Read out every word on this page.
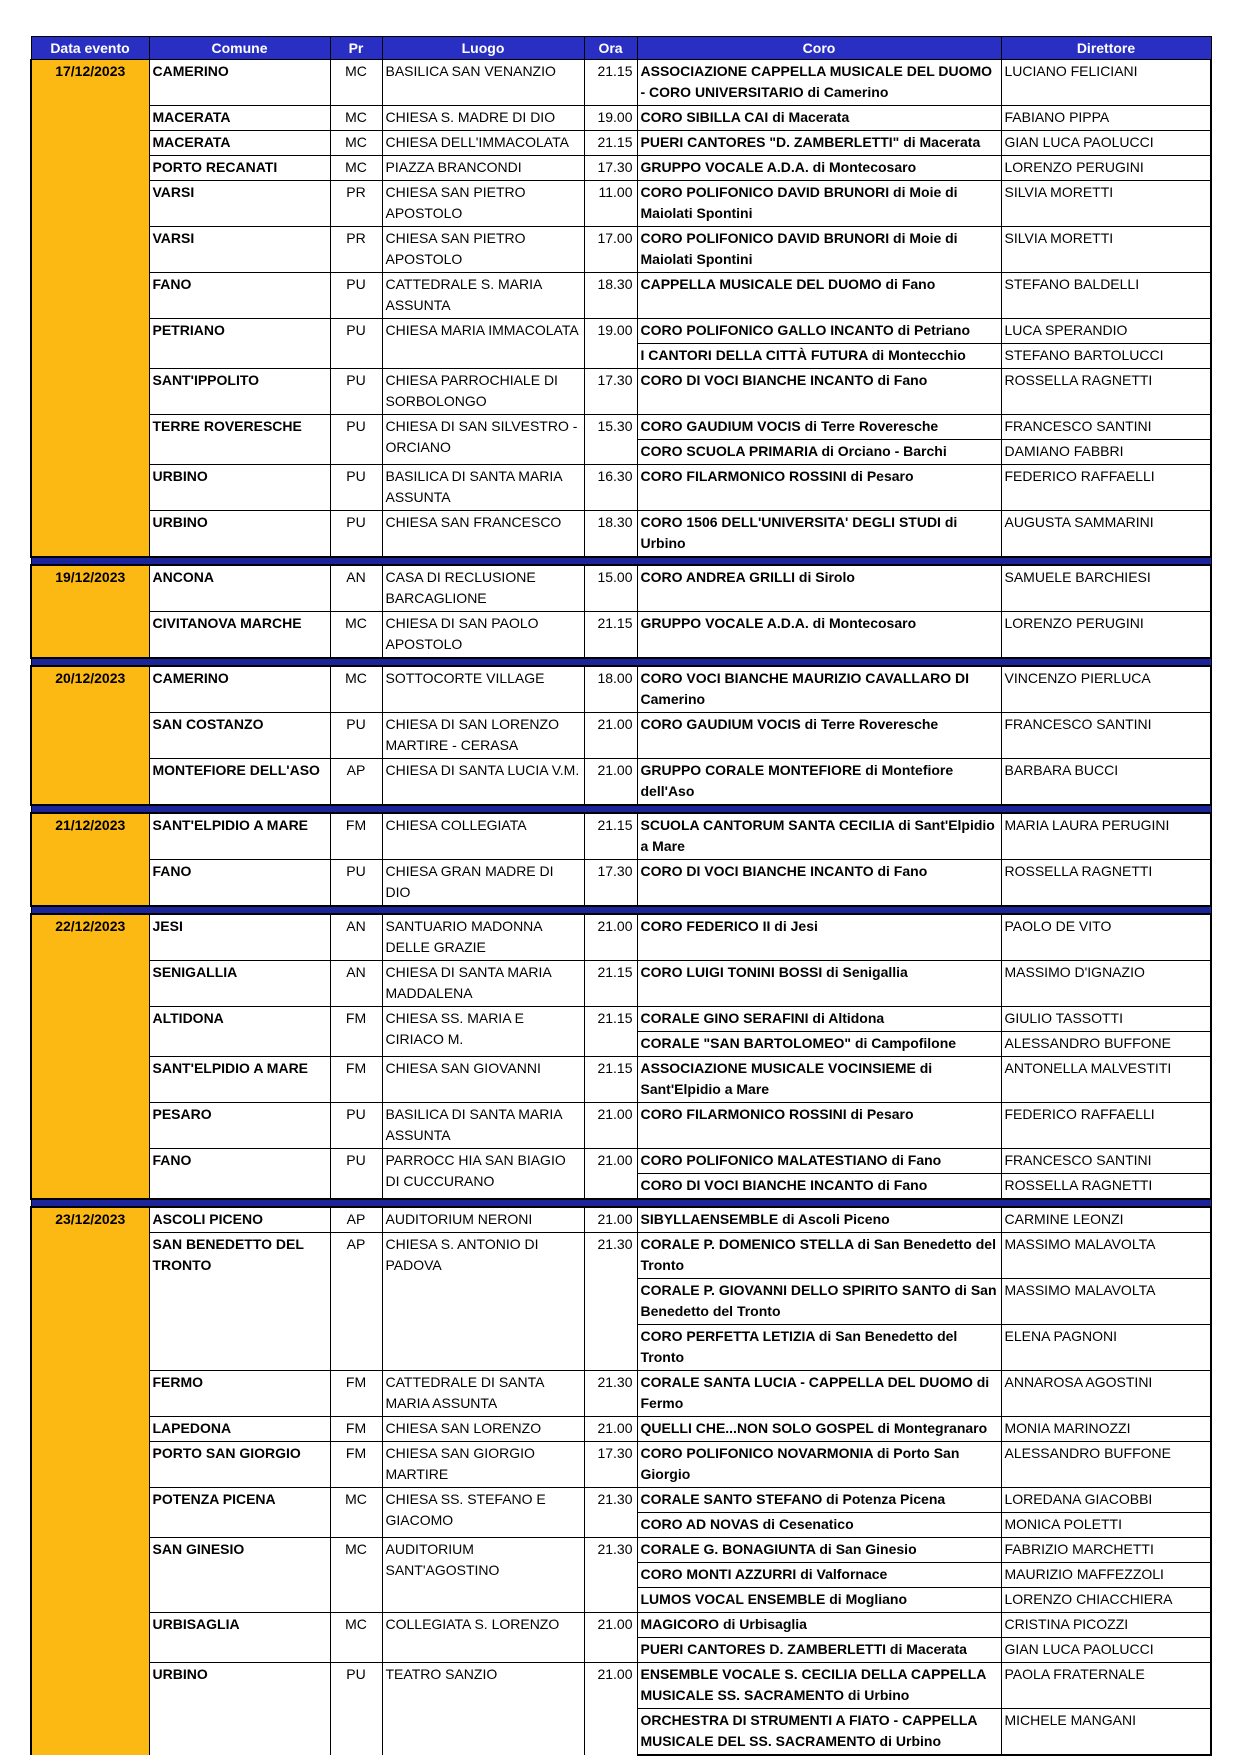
Data evento	Comune	Pr	Luogo	Ora	Coro	Direttore
17/12/2023	CAMERINO	MC	BASILICA SAN VENANZIO	21.15	ASSOCIAZIONE CAPPELLA MUSICALE DEL DUOMO - CORO UNIVERSITARIO di Camerino	LUCIANO FELICIANI
	MACERATA	MC	CHIESA S. MADRE DI DIO	19.00	CORO SIBILLA CAI di Macerata	FABIANO PIPPA
	MACERATA	MC	CHIESA DELL'IMMACOLATA	21.15	PUERI CANTORES "D. ZAMBERLETTI" di Macerata	GIAN LUCA PAOLUCCI
	PORTO RECANATI	MC	PIAZZA BRANCONDI	17.30	GRUPPO VOCALE A.D.A. di Montecosaro	LORENZO PERUGINI
	VARSI	PR	CHIESA SAN PIETRO APOSTOLO	11.00	CORO POLIFONICO DAVID BRUNORI di Moie di Maiolati Spontini	SILVIA MORETTI
	VARSI	PR	CHIESA SAN PIETRO APOSTOLO	17.00	CORO POLIFONICO DAVID BRUNORI di Moie di Maiolati Spontini	SILVIA MORETTI
	FANO	PU	CATTEDRALE S. MARIA ASSUNTA	18.30	CAPPELLA MUSICALE DEL DUOMO di Fano	STEFANO BALDELLI
	PETRIANO	PU	CHIESA MARIA IMMACOLATA	19.00	CORO POLIFONICO GALLO INCANTO di Petriano	LUCA SPERANDIO
					I CANTORI DELLA CITTÀ FUTURA di Montecchio	STEFANO BARTOLUCCI
	SANT'IPPOLITO	PU	CHIESA PARROCHIALE DI SORBOLONGO	17.30	CORO DI VOCI BIANCHE INCANTO di Fano	ROSSELLA RAGNETTI
	TERRE ROVERESCHE	PU	CHIESA DI SAN SILVESTRO - ORCIANO	15.30	CORO GAUDIUM VOCIS di Terre Roveresche	FRANCESCO SANTINI
					CORO SCUOLA PRIMARIA di Orciano - Barchi	DAMIANO FABBRI
	URBINO	PU	BASILICA DI SANTA MARIA ASSUNTA	16.30	CORO FILARMONICO ROSSINI di Pesaro	FEDERICO RAFFAELLI
	URBINO	PU	CHIESA SAN FRANCESCO	18.30	CORO 1506 DELL'UNIVERSITA' DEGLI STUDI di Urbino	AUGUSTA SAMMARINI

19/12/2023	ANCONA	AN	CASA DI RECLUSIONE BARCAGLIONE	15.00	CORO ANDREA GRILLI di Sirolo	SAMUELE BARCHIESI
	CIVITANOVA MARCHE	MC	CHIESA DI SAN PAOLO APOSTOLO	21.15	GRUPPO VOCALE A.D.A. di Montecosaro	LORENZO PERUGINI

20/12/2023	CAMERINO	MC	SOTTOCORTE VILLAGE	18.00	CORO VOCI BIANCHE MAURIZIO CAVALLARO DI Camerino	VINCENZO PIERLUCA
	SAN COSTANZO	PU	CHIESA DI SAN LORENZO MARTIRE - CERASA	21.00	CORO GAUDIUM VOCIS di Terre Roveresche	FRANCESCO SANTINI
	MONTEFIORE DELL'ASO	AP	CHIESA DI SANTA LUCIA V.M.	21.00	GRUPPO CORALE MONTEFIORE di Montefiore dell'Aso	BARBARA BUCCI

21/12/2023	SANT'ELPIDIO A MARE	FM	CHIESA COLLEGIATA	21.15	SCUOLA CANTORUM SANTA CECILIA di Sant'Elpidio a Mare	MARIA LAURA PERUGINI
	FANO	PU	CHIESA GRAN MADRE DI DIO	17.30	CORO DI VOCI BIANCHE INCANTO di Fano	ROSSELLA RAGNETTI

22/12/2023	JESI	AN	SANTUARIO MADONNA DELLE GRAZIE	21.00	CORO FEDERICO II di Jesi	PAOLO DE VITO
	SENIGALLIA	AN	CHIESA DI SANTA MARIA MADDALENA	21.15	CORO LUIGI TONINI BOSSI di Senigallia	MASSIMO D'IGNAZIO
	ALTIDONA	FM	CHIESA SS. MARIA E CIRIACO M.	21.15	CORALE GINO SERAFINI di Altidona	GIULIO TASSOTTI
					CORALE "SAN BARTOLOMEO" di Campofilone	ALESSANDRO BUFFONE
	SANT'ELPIDIO A MARE	FM	CHIESA SAN GIOVANNI	21.15	ASSOCIAZIONE MUSICALE VOCINSIEME di Sant'Elpidio a Mare	ANTONELLA MALVESTITI
	PESARO	PU	BASILICA DI SANTA MARIA ASSUNTA	21.00	CORO FILARMONICO ROSSINI di Pesaro	FEDERICO RAFFAELLI
	FANO	PU	PARROCC HIA SAN BIAGIO DI CUCCURANO	21.00	CORO POLIFONICO MALATESTIANO di Fano	FRANCESCO SANTINI
					CORO DI VOCI BIANCHE INCANTO di Fano	ROSSELLA RAGNETTI

23/12/2023	ASCOLI PICENO	AP	AUDITORIUM NERONI	21.00	SIBYLLAENSEMBLE di Ascoli Piceno	CARMINE LEONZI
	SAN BENEDETTO DEL TRONTO	AP	CHIESA S. ANTONIO DI PADOVA	21.30	CORALE P. DOMENICO STELLA di San Benedetto del Tronto	MASSIMO MALAVOLTA
					CORALE P. GIOVANNI DELLO SPIRITO SANTO di San Benedetto del Tronto	MASSIMO MALAVOLTA
					CORO PERFETTA LETIZIA di San Benedetto del Tronto	ELENA PAGNONI
	FERMO	FM	CATTEDRALE DI SANTA MARIA ASSUNTA	21.30	CORALE SANTA LUCIA - CAPPELLA DEL DUOMO di Fermo	ANNAROSA AGOSTINI
	LAPEDONA	FM	CHIESA SAN LORENZO	21.00	QUELLI CHE...NON SOLO GOSPEL di Montegranaro	MONIA MARINOZZI
	PORTO SAN GIORGIO	FM	CHIESA SAN GIORGIO MARTIRE	17.30	CORO POLIFONICO NOVARMONIA di Porto San Giorgio	ALESSANDRO BUFFONE
	POTENZA PICENA	MC	CHIESA SS. STEFANO E GIACOMO	21.30	CORALE SANTO STEFANO di Potenza Picena	LOREDANA GIACOBBI
					CORO AD NOVAS di Cesenatico	MONICA POLETTI
	SAN GINESIO	MC	AUDITORIUM SANT'AGOSTINO	21.30	CORALE G. BONAGIUNTA di San Ginesio	FABRIZIO MARCHETTI
					CORO MONTI AZZURRI di Valfornace	MAURIZIO MAFFEZZOLI
					LUMOS VOCAL ENSEMBLE di Mogliano	LORENZO CHIACCHIERA
	URBISAGLIA	MC	COLLEGIATA S. LORENZO	21.00	MAGICORO di Urbisaglia	CRISTINA PICOZZI
					PUERI CANTORES D. ZAMBERLETTI di Macerata	GIAN LUCA PAOLUCCI
	URBINO	PU	TEATRO SANZIO	21.00	ENSEMBLE VOCALE S. CECILIA DELLA CAPPELLA MUSICALE SS. SACRAMENTO di Urbino	PAOLA FRATERNALE
					ORCHESTRA DI STRUMENTI A FIATO - CAPPELLA MUSICALE DEL SS. SACRAMENTO di Urbino	MICHELE MANGANI
